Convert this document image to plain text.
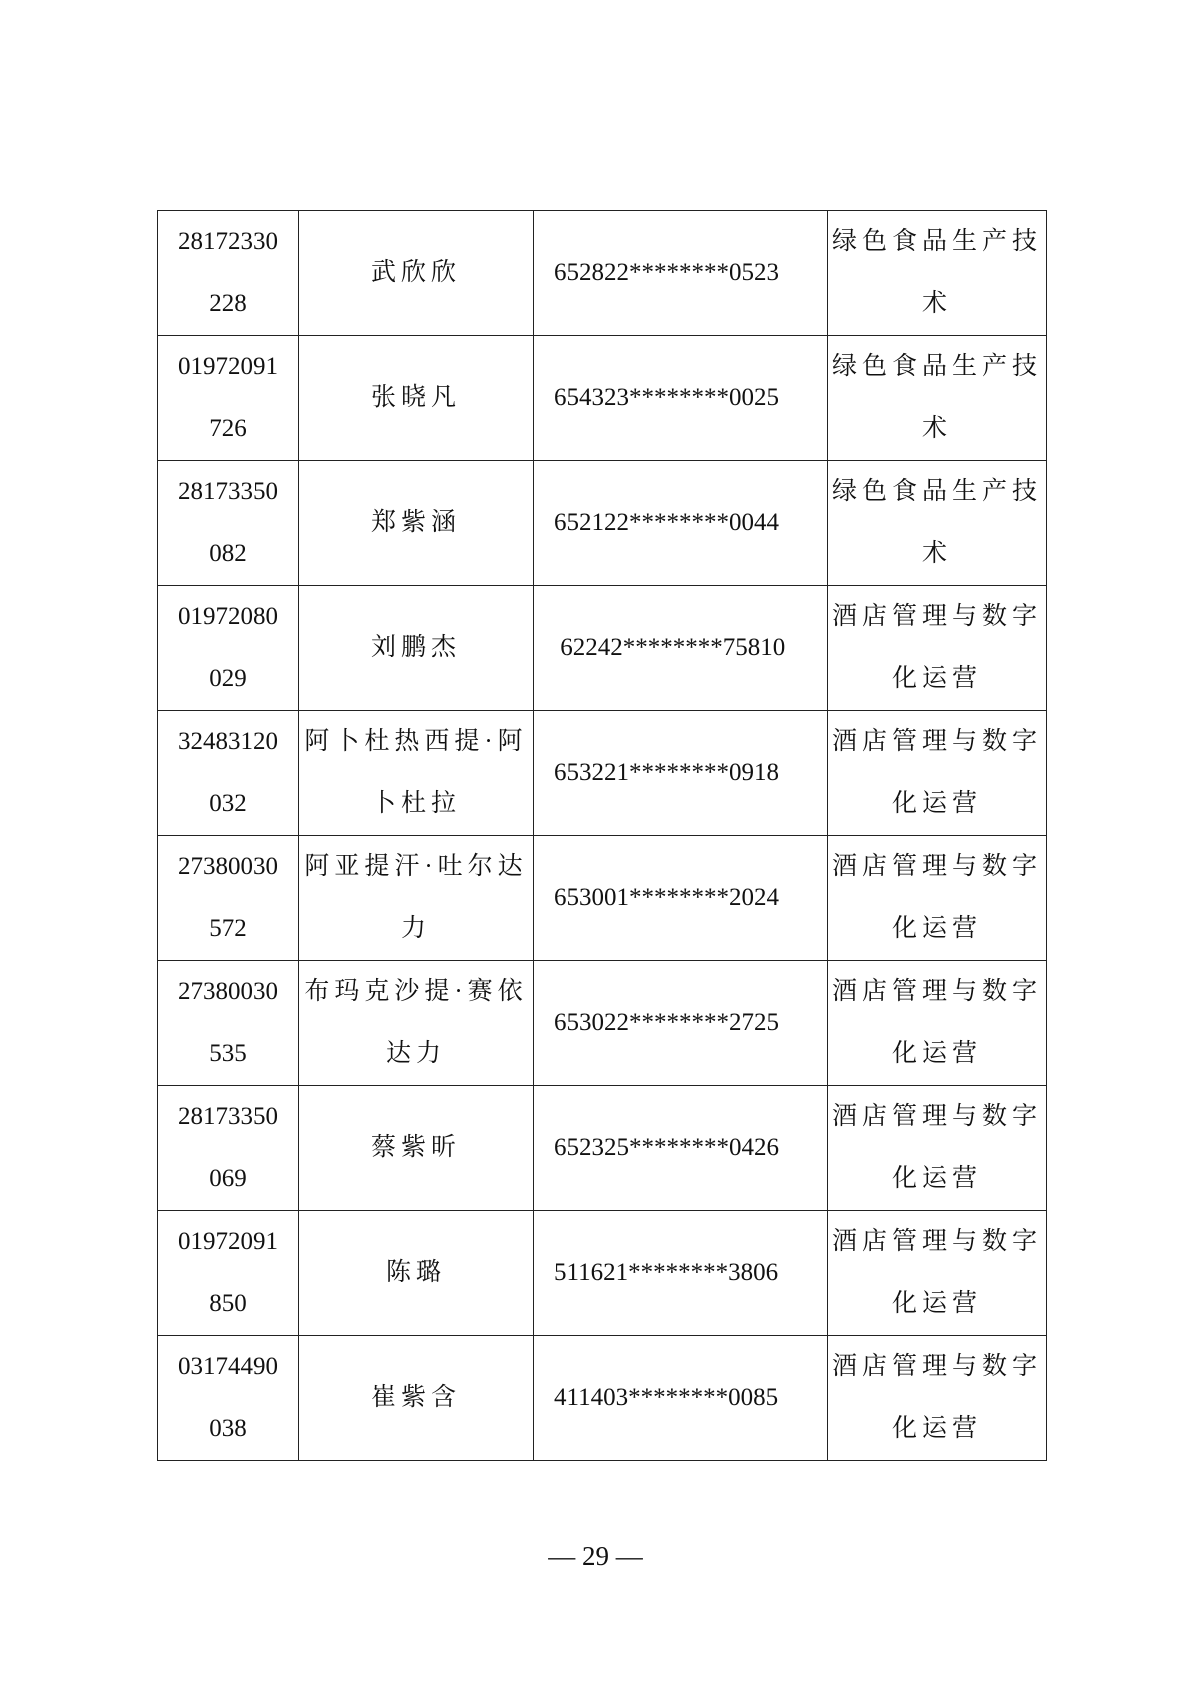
28172330
228	武欣欣	652822********0523	绿色食品生产技
术

01972091
726	张晓凡	654323********0025	绿色食品生产技
术

28173350
082	郑紫涵	652122********0044	绿色食品生产技
术

01972080
029	刘鹏杰	62242********75810	酒店管理与数字
化运营

32483120
032	阿卜杜热西提·阿
卜杜拉	653221********0918	酒店管理与数字
化运营

27380030
572	阿亚提汗·吐尔达
力	653001********2024	酒店管理与数字
化运营

27380030
535	布玛克沙提·赛依
达力	653022********2725	酒店管理与数字
化运营

28173350
069	蔡紫昕	652325********0426	酒店管理与数字
化运营

01972091
850	陈璐	511621********3806	酒店管理与数字
化运营

03174490
038	崔紫含	411403********0085	酒店管理与数字
化运营
— 29 —
